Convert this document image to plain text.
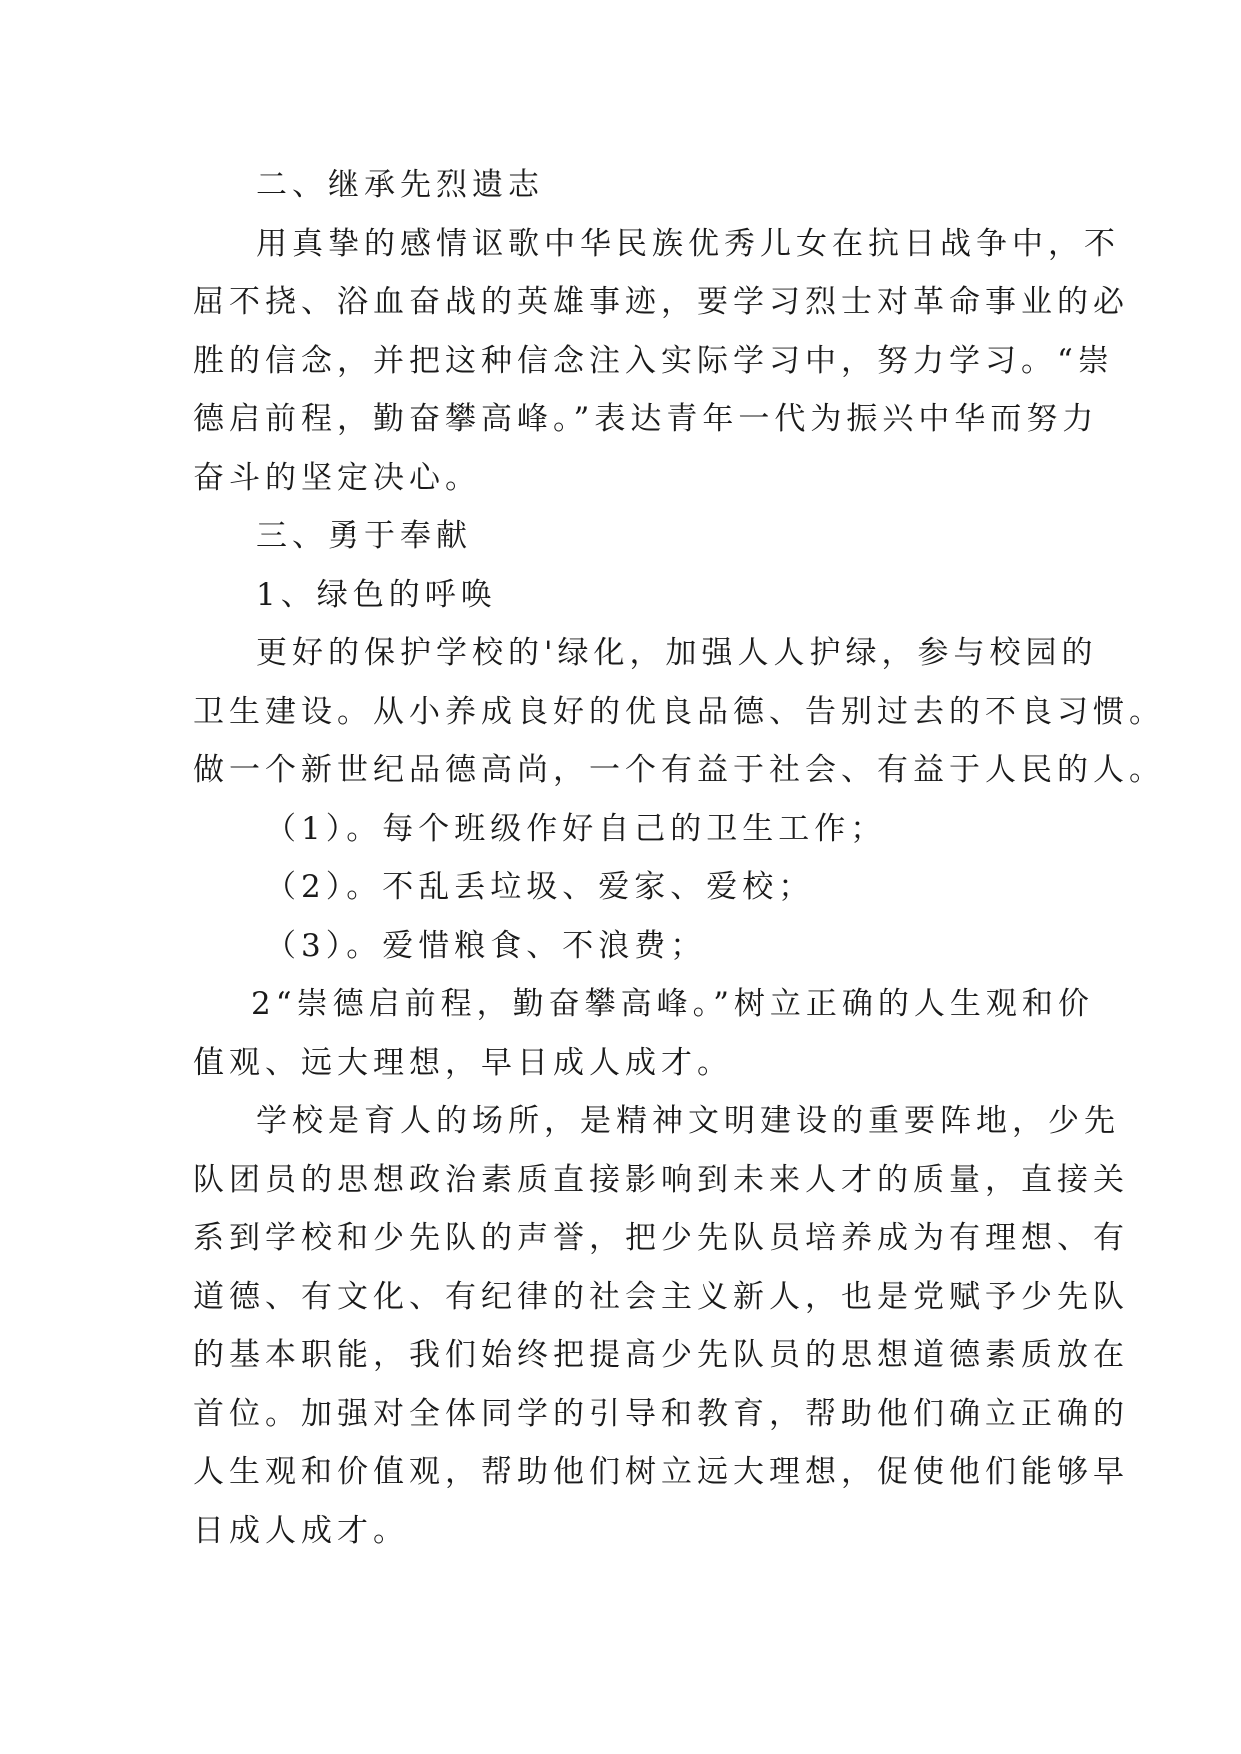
二、继承先烈遗志
用真挚的感情讴歌中华民族优秀儿女在抗日战争中，不
屈不挠、浴血奋战的英雄事迹，要学习烈士对革命事业的必
胜的信念，并把这种信念注入实际学习中，努力学习。“崇
德启前程，勤奋攀高峰。”表达青年一代为振兴中华而努力
奋斗的坚定决心。
三、勇于奉献
1、绿色的呼唤
更好的保护学校的'绿化，加强人人护绿，参与校园的
卫生建设。从小养成良好的优良品德、告别过去的不良习惯。
做一个新世纪品德高尚，一个有益于社会、有益于人民的人。
（1）。每个班级作好自己的卫生工作；
（2）。不乱丢垃圾、爱家、爱校；
（3）。爱惜粮食、不浪费；
2“崇德启前程，勤奋攀高峰。”树立正确的人生观和价
值观、远大理想，早日成人成才。
学校是育人的场所，是精神文明建设的重要阵地，少先
队团员的思想政治素质直接影响到未来人才的质量，直接关
系到学校和少先队的声誉，把少先队员培养成为有理想、有
道德、有文化、有纪律的社会主义新人，也是党赋予少先队
的基本职能，我们始终把提高少先队员的思想道德素质放在
首位。加强对全体同学的引导和教育，帮助他们确立正确的
人生观和价值观，帮助他们树立远大理想，促使他们能够早
日成人成才。
